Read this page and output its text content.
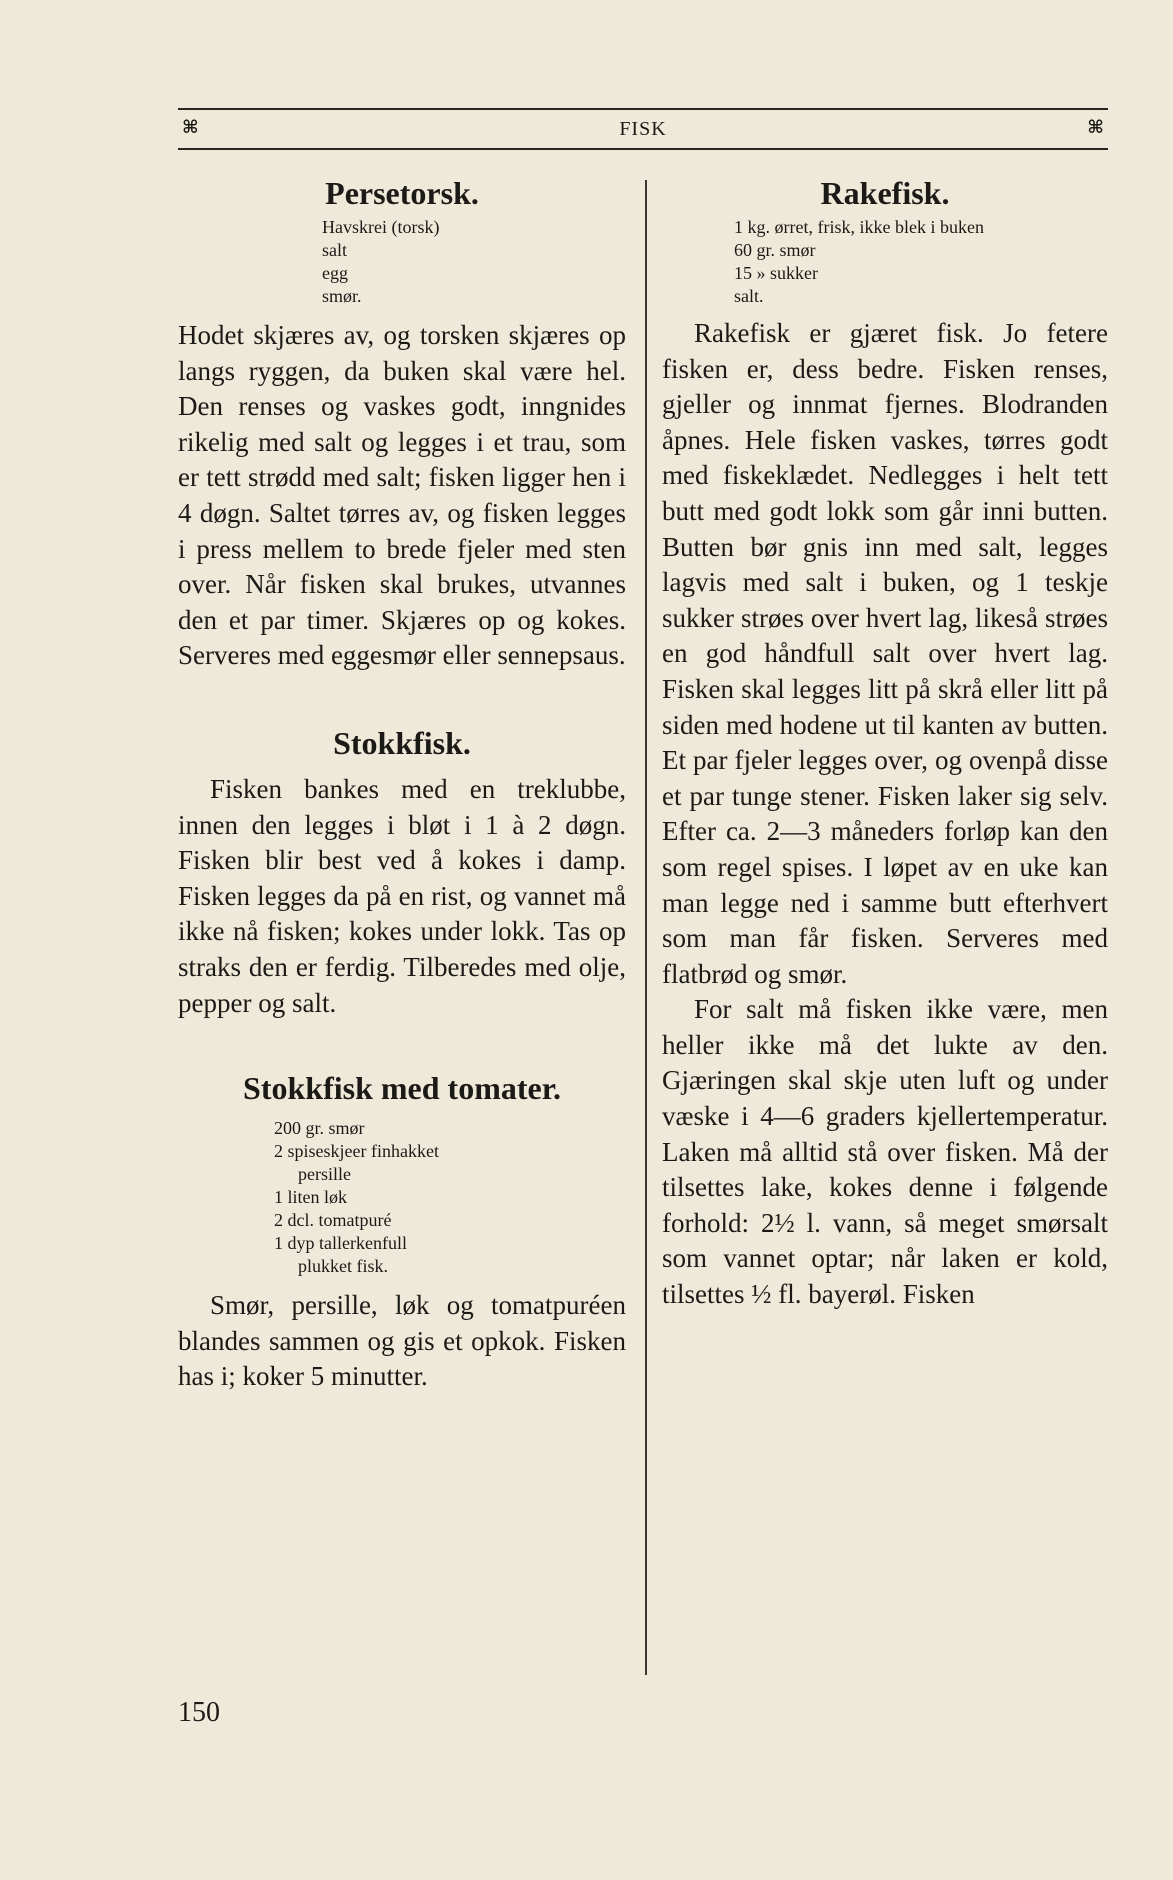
⌘	FISK	⌘
Persetorsk.
Havskrei (torsk)
salt
egg
smør.

Hodet skjæres av, og torsken skjæres op langs ryggen, da buken skal være hel. Den renses og vaskes godt, inngnides rikelig med salt og legges i et trau, som er tett strødd med salt; fisken ligger hen i 4 døgn. Saltet tørres av, og fisken legges i press mellem to brede fjeler med sten over. Når fisken skal brukes, utvannes den et par timer. Skjæres op og kokes. Serveres med eggesmør eller sennepsaus.

Stokkfisk.

Fisken bankes med en treklubbe, innen den legges i bløt i 1 à 2 døgn. Fisken blir best ved å kokes i damp. Fisken legges da på en rist, og vannet må ikke nå fisken; kokes under lokk. Tas op straks den er ferdig. Tilberedes med olje, pepper og salt.

Stokkfisk med tomater.
200 gr. smør
2 spiseskjeer finhakket
persille
1 liten løk
2 dcl. tomatpuré
1 dyp tallerkenfull
plukket fisk.

Smør, persille, løk og tomatpuréen blandes sammen og gis et opkok. Fisken has i; koker 5 minutter.

Rakefisk.
1 kg. ørret, frisk, ikke blek i buken
60 gr. smør
15 » sukker
salt.

Rakefisk er gjæret fisk. Jo fetere fisken er, dess bedre. Fisken renses, gjeller og innmat fjernes. Blodranden åpnes. Hele fisken vaskes, tørres godt med fiskeklædet. Nedlegges i helt tett butt med godt lokk som går inni butten. Butten bør gnis inn med salt, legges lagvis med salt i buken, og 1 teskje sukker strøes over hvert lag, likeså strøes en god håndfull salt over hvert lag. Fisken skal legges litt på skrå eller litt på siden med hodene ut til kanten av butten. Et par fjeler legges over, og ovenpå disse et par tunge stener. Fisken laker sig selv. Efter ca. 2—3 måneders forløp kan den som regel spises. I løpet av en uke kan man legge ned i samme butt efterhvert som man får fisken. Serveres med flatbrød og smør.

For salt må fisken ikke være, men heller ikke må det lukte av den. Gjæringen skal skje uten luft og under væske i 4—6 graders kjellertemperatur. Laken må alltid stå over fisken. Må der tilsettes lake, kokes denne i følgende forhold: 2½ l. vann, så meget smørsalt som vannet optar; når laken er kold, tilsettes ½ fl. bayerøl. Fisken

150
